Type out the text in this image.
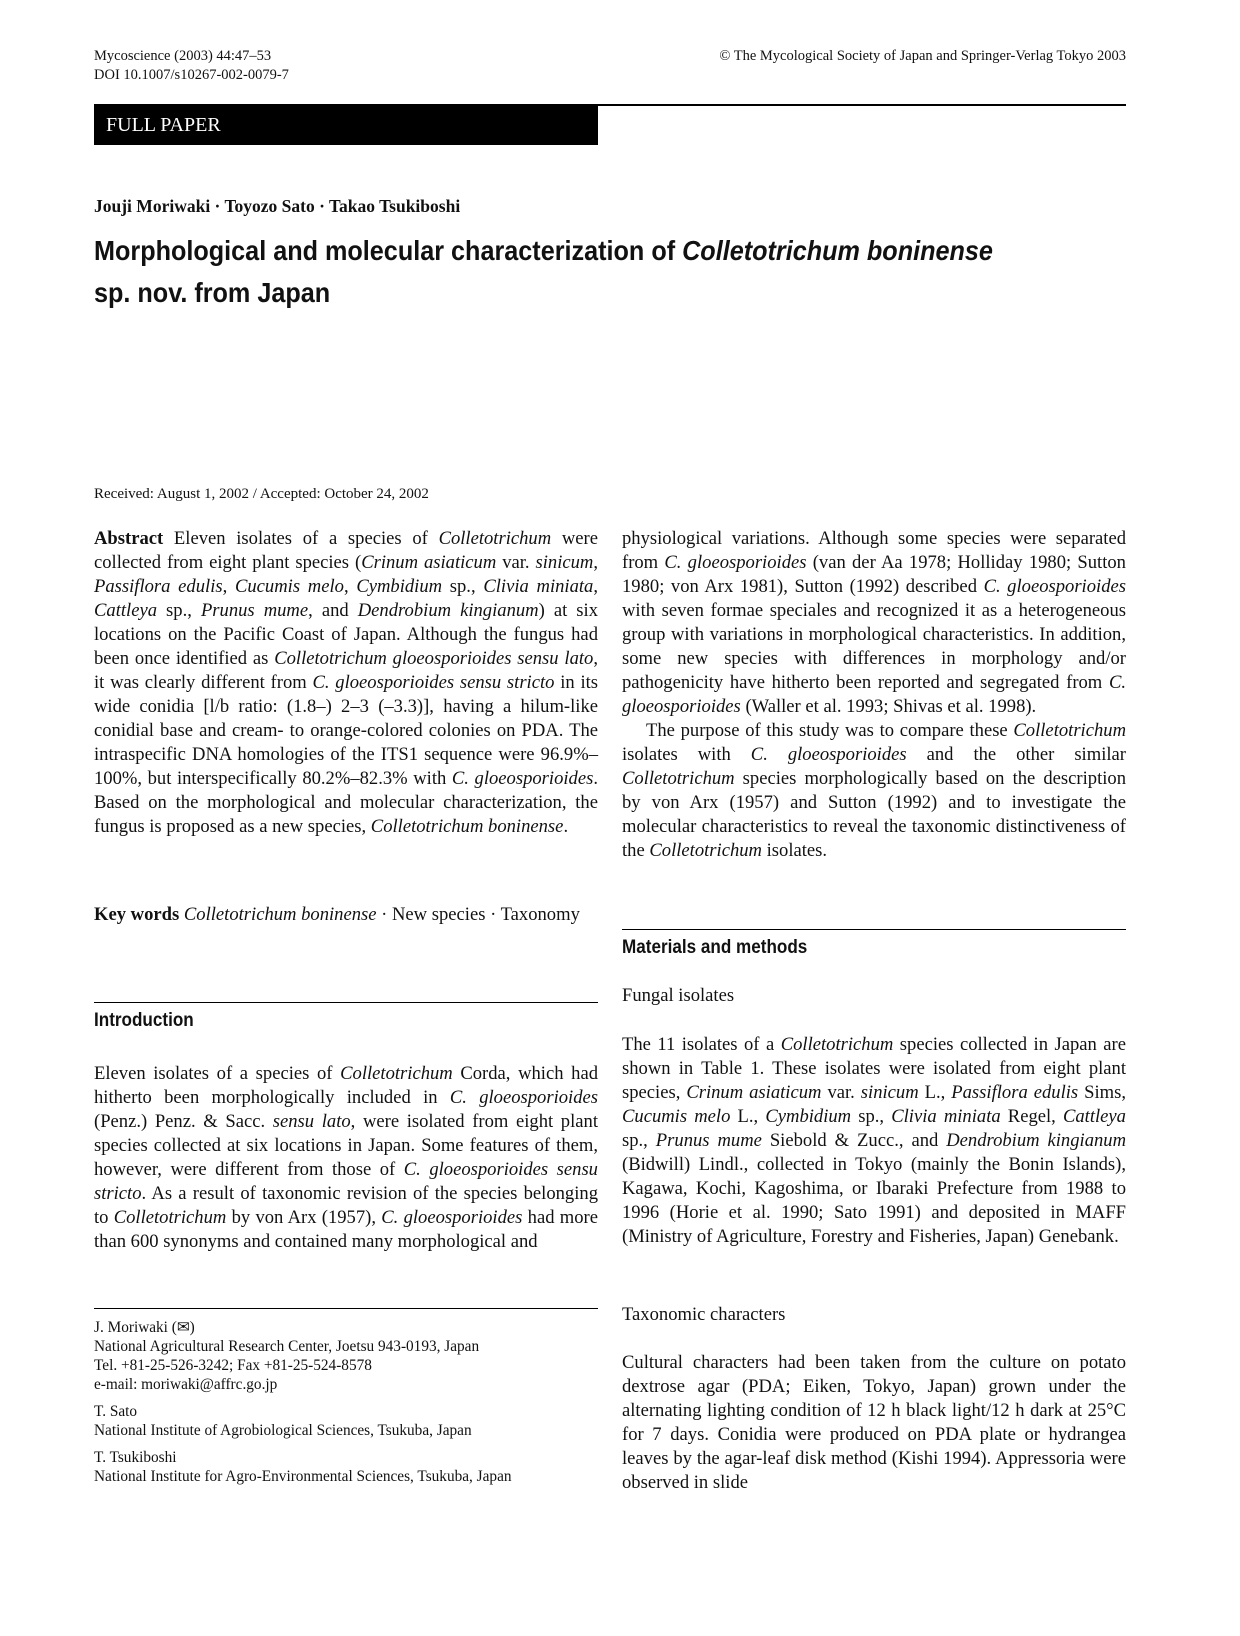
Mycoscience (2003) 44:47–53
DOI 10.1007/s10267-002-0079-7
© The Mycological Society of Japan and Springer-Verlag Tokyo 2003
FULL PAPER
Jouji Moriwaki · Toyozo Sato · Takao Tsukiboshi
Morphological and molecular characterization of Colletotrichum boninense
sp. nov. from Japan
Received: August 1, 2002 / Accepted: October 24, 2002

Abstract Eleven isolates of a species of Colletotrichum were collected from eight plant species (Crinum asiaticum var. sinicum, Passiflora edulis, Cucumis melo, Cymbidium sp., Clivia miniata, Cattleya sp., Prunus mume, and Dendrobium kingianum) at six locations on the Pacific Coast of Japan. Although the fungus had been once identified as Colletotrichum gloeosporioides sensu lato, it was clearly different from C. gloeosporioides sensu stricto in its wide conidia [l/b ratio: (1.8–) 2–3 (–3.3)], having a hilum-like conidial base and cream- to orange-colored colonies on PDA. The intraspecific DNA homologies of the ITS1 sequence were 96.9%–100%, but interspecifically 80.2%–82.3% with C. gloeosporioides. Based on the morphological and molecular characterization, the fungus is proposed as a new species, Colletotrichum boninense.

Key words Colletotrichum boninense · New species · Taxonomy

Introduction

Eleven isolates of a species of Colletotrichum Corda, which had hitherto been morphologically included in C. gloeosporioides (Penz.) Penz. & Sacc. sensu lato, were isolated from eight plant species collected at six locations in Japan. Some features of them, however, were different from those of C. gloeosporioides sensu stricto. As a result of taxonomic revision of the species belonging to Colletotrichum by von Arx (1957), C. gloeosporioides had more than 600 synonyms and contained many morphological and

J. Moriwaki (✉)
National Agricultural Research Center, Joetsu 943-0193, Japan
Tel. +81-25-526-3242; Fax +81-25-524-8578
e-mail: moriwaki@affrc.go.jp

T. Sato
National Institute of Agrobiological Sciences, Tsukuba, Japan

T. Tsukiboshi
National Institute for Agro-Environmental Sciences, Tsukuba, Japan

physiological variations. Although some species were separated from C. gloeosporioides (van der Aa 1978; Holliday 1980; Sutton 1980; von Arx 1981), Sutton (1992) described C. gloeosporioides with seven formae speciales and recognized it as a heterogeneous group with variations in morphological characteristics. In addition, some new species with differences in morphology and/or pathogenicity have hitherto been reported and segregated from C. gloeosporioides (Waller et al. 1993; Shivas et al. 1998).

The purpose of this study was to compare these Colletotrichum isolates with C. gloeosporioides and the other similar Colletotrichum species morphologically based on the description by von Arx (1957) and Sutton (1992) and to investigate the molecular characteristics to reveal the taxonomic distinctiveness of the Colletotrichum isolates.

Materials and methods
Fungal isolates

The 11 isolates of a Colletotrichum species collected in Japan are shown in Table 1. These isolates were isolated from eight plant species, Crinum asiaticum var. sinicum L., Passiflora edulis Sims, Cucumis melo L., Cymbidium sp., Clivia miniata Regel, Cattleya sp., Prunus mume Siebold & Zucc., and Dendrobium kingianum (Bidwill) Lindl., collected in Tokyo (mainly the Bonin Islands), Kagawa, Kochi, Kagoshima, or Ibaraki Prefecture from 1988 to 1996 (Horie et al. 1990; Sato 1991) and deposited in MAFF (Ministry of Agriculture, Forestry and Fisheries, Japan) Genebank.

Taxonomic characters

Cultural characters had been taken from the culture on potato dextrose agar (PDA; Eiken, Tokyo, Japan) grown under the alternating lighting condition of 12 h black light/12 h dark at 25°C for 7 days. Conidia were produced on PDA plate or hydrangea leaves by the agar-leaf disk method (Kishi 1994). Appressoria were observed in slide
